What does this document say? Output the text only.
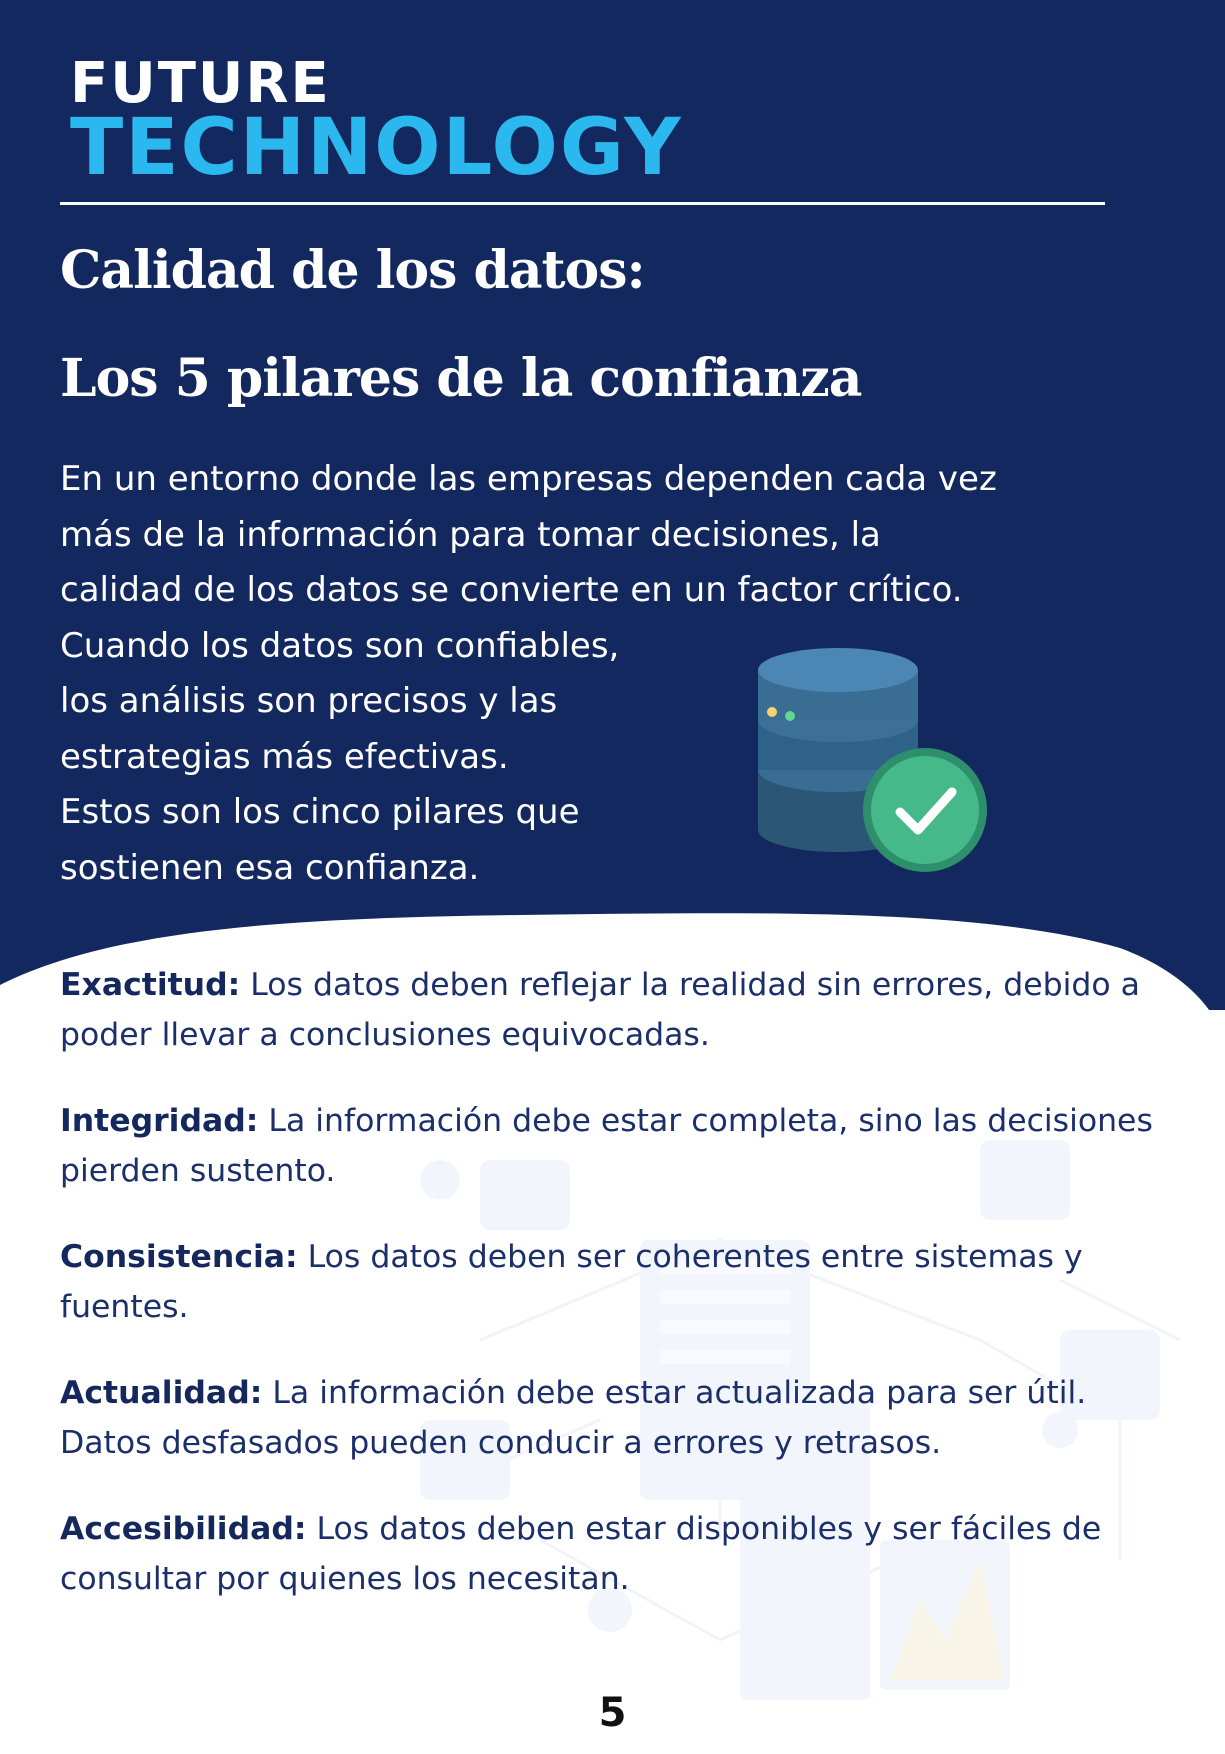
FUTURE
TECHNOLOGY
Calidad de los datos:
Los 5 pilares de la confianza

En un entorno donde las empresas dependen cada vez
más de la información para tomar decisiones, la
calidad de los datos se convierte en un factor crítico.
Cuando los datos son confiables,
los análisis son precisos y las
estrategias más efectivas.
Estos son los cinco pilares que
sostienen esa confianza.

Exactitud: Los datos deben reflejar la realidad sin errores, debido a poder llevar a conclusiones equivocadas.

Integridad: La información debe estar completa, sino las decisiones pierden sustento.

Consistencia: Los datos deben ser coherentes entre sistemas y fuentes.

Actualidad: La información debe estar actualizada para ser útil. Datos desfasados pueden conducir a errores y retrasos.

Accesibilidad: Los datos deben estar disponibles y ser fáciles de consultar por quienes los necesitan.

5
